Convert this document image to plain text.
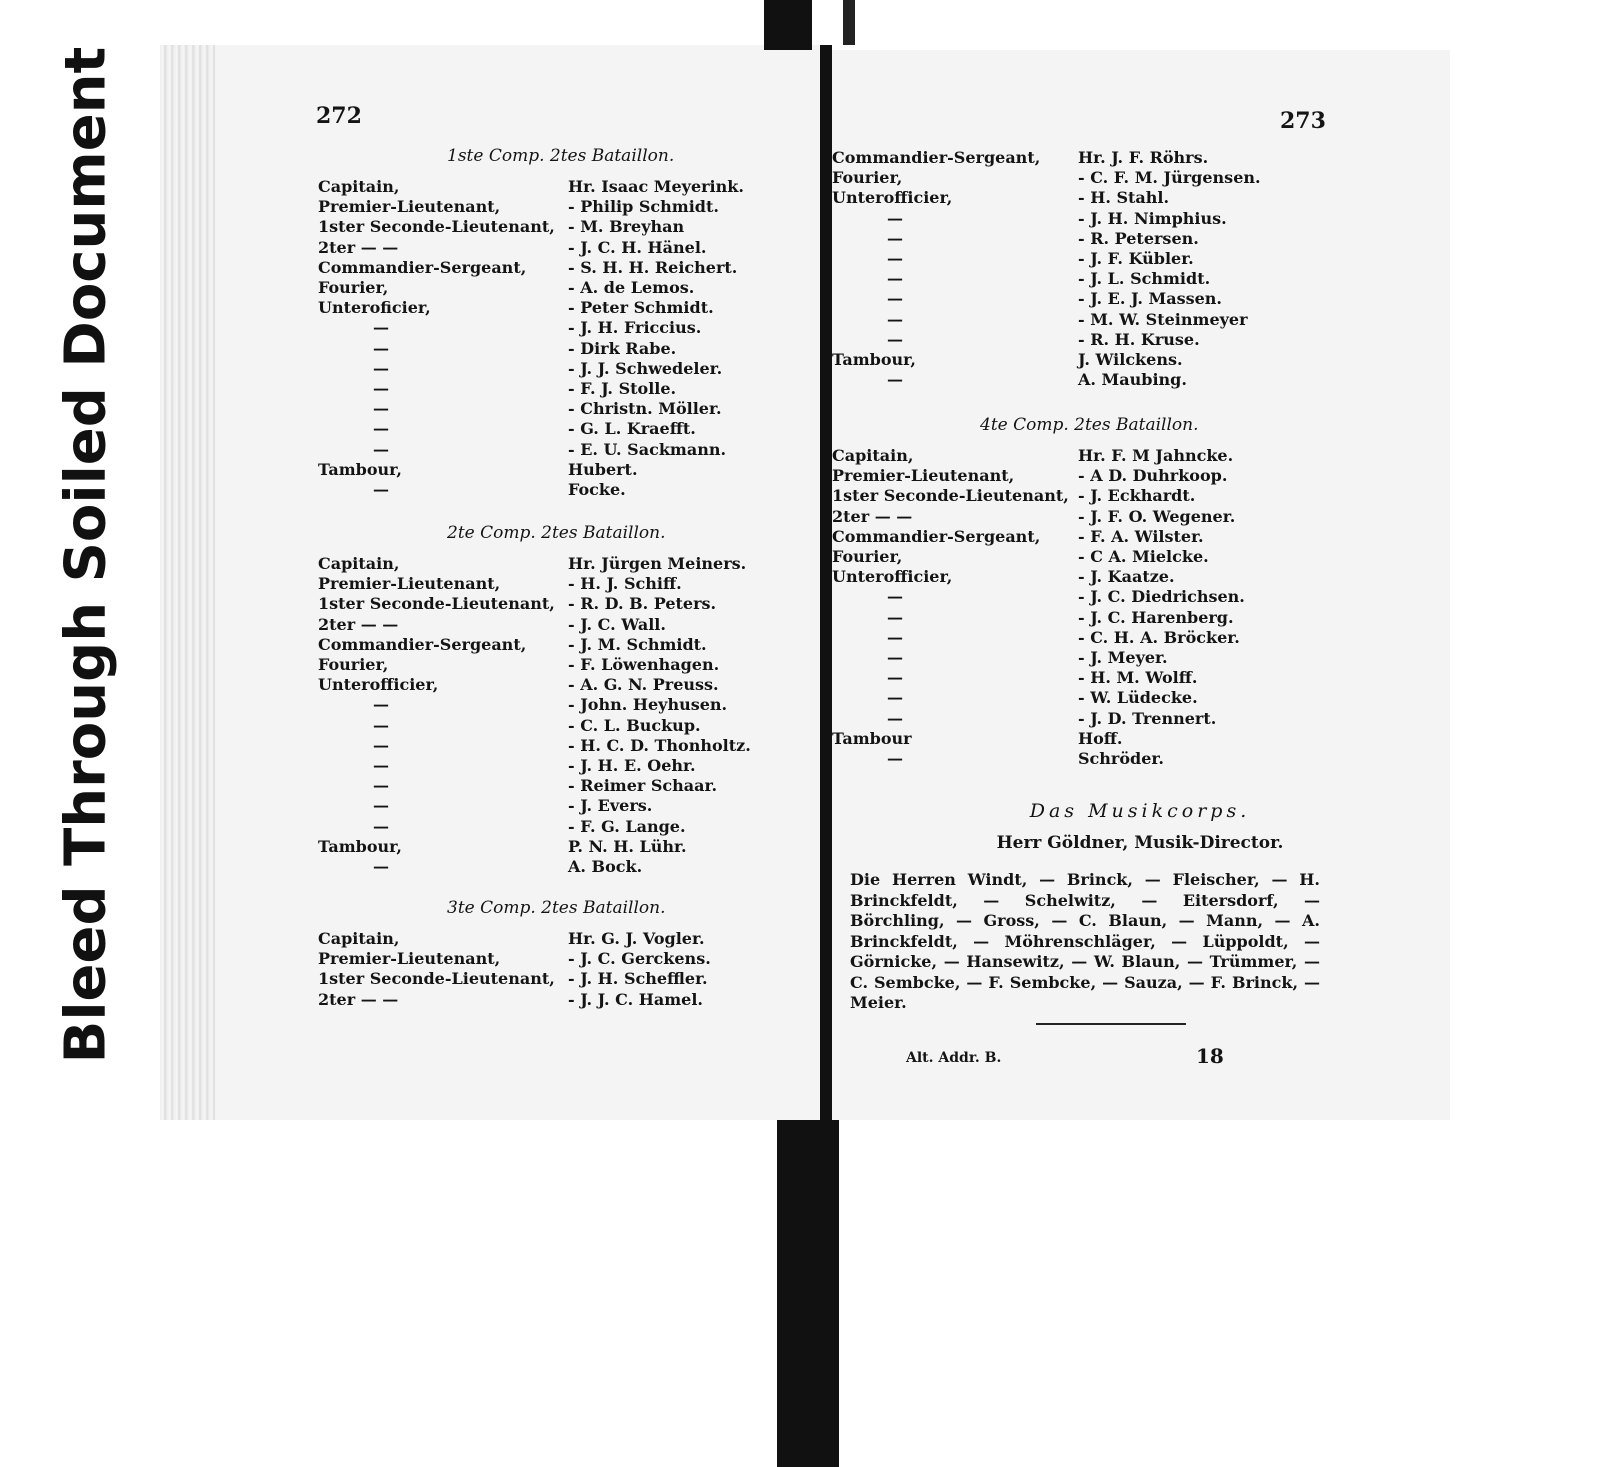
Bleed Through Soiled Document	272	273
1ste Comp. 2tes Bataillon.
Capitain,	Hr. Isaac Meyerink.
Premier-Lieutenant,	- Philip Schmidt.
1ster Seconde-Lieutenant, - M. Breyhan
2ter — —	- J. C. H. Hänel.
Commandier-Sergeant,	- S. H. H. Reichert.
Fourier,	- A. de Lemos.
Unteroficier,	- Peter Schmidt.
—	- J. H. Friccius.
—	- Dirk Rabe.
—	- J. J. Schwedeler.
—	- F. J. Stolle.
—	- Christn. Möller.
—	- G. L. Kraefft.
—	- E. U. Sackmann.
Tambour,	Hubert.
—	Focke.
2te Comp. 2tes Bataillon.
Capitain,	Hr. Jürgen Meiners.
Premier-Lieutenant,	- H. J. Schiff.
1ster Seconde-Lieutenant, - R. D. B. Peters.
2ter — —	- J. C. Wall.
Commandier-Sergeant,	- J. M. Schmidt.
Fourier,	- F. Löwenhagen.
Unterofficier,	- A. G. N. Preuss.
—	- John. Heyhusen.
—	- C. L. Buckup.
—	- H. C. D. Thonholtz.
—	- J. H. E. Oehr.
—	- Reimer Schaar.
—	- J. Evers.
—	- F. G. Lange.
Tambour,	P. N. H. Lühr.
—	A. Bock.
3te Comp. 2tes Bataillon.
Capitain,	Hr. G. J. Vogler.
Premier-Lieutenant,	- J. C. Gerckens.
1ster Seconde-Lieutenant, - J. H. Scheffler.
2ter — —	- J. J. C. Hamel.
Commandier-Sergeant, Hr. J. F. Röhrs.
Fourier,	- C. F. M. Jürgensen.
Unterofficier,	- H. Stahl.
—	- J. H. Nimphius.
—	- R. Petersen.
—	- J. F. Kübler.
—	- J. L. Schmidt.
—	- J. E. J. Massen.
—	- M. W. Steinmeyer
—	- R. H. Kruse.
Tambour,	J. Wilckens.
—	A. Maubing.
4te Comp. 2tes Bataillon.
Capitain,	Hr. F. M Jahncke.
Premier-Lieutenant,	- A D. Duhrkoop.
1ster Seconde-Lieutenant, - J. Eckhardt.
2ter — —	- J. F. O. Wegener.
Commandier-Sergeant, - F. A. Wilster.
Fourier,	- C A. Mielcke.
Unterofficier,	- J. Kaatze.
—	- J. C. Diedrichsen.
—	- J. C. Harenberg.
—	- C. H. A. Bröcker.
—	- J. Meyer.
—	- H. M. Wolff.
—	- W. Lüdecke.
—	- J. D. Trennert.
Tambour	Hoff.
—	Schröder.
Das Musikcorps.
Herr Göldner, Musik-Director.
Die Herren Windt, — Brinck, — Fleischer, — H. Brinckfeldt, — Schelwitz, — Eitersdorf, — Börchling, — Gross, — C. Blaun, — Mann, — A. Brinckfeldt, — Möhrenschläger, — Lüppoldt, — Görnicke, — Hansewitz, — W. Blaun, — Trümmer, — C. Sembcke, — F. Sembcke, — Sauza, — F. Brinck, — Meier.
Alt. Addr. B.	18
